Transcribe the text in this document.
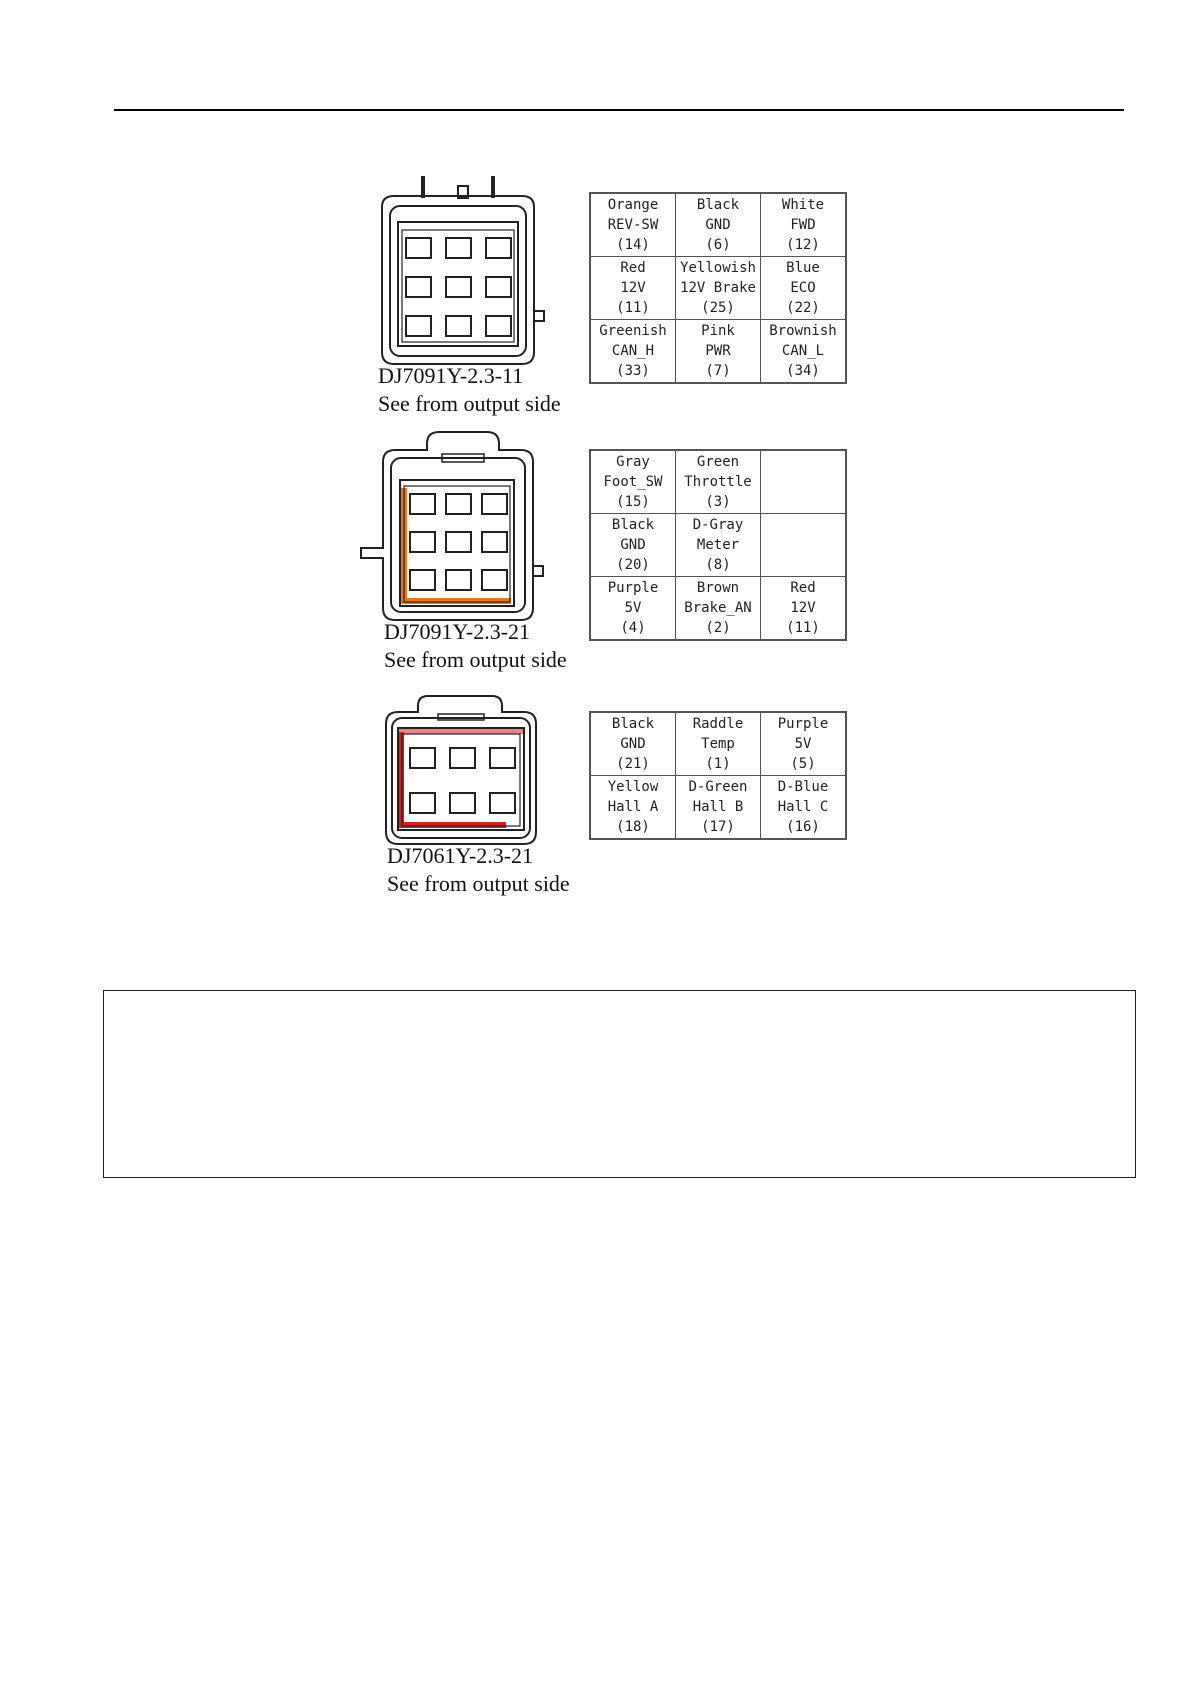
DJ7091Y-2.3-11
See from output side
Orange
REV-SW
(14)	Black
GND
(6)	White
FWD
(12)

Red
12V
(11)	Yellowish
12V Brake
(25)	Blue
ECO
(22)

Greenish
CAN_H
(33)	Pink
PWR
(7)	Brownish
CAN_L
(34)
DJ7091Y-2.3-21
See from output side
Gray
Foot_SW
(15)	Green
Throttle
(3)	

Black
GND
(20)	D-Gray
Meter
(8)	

Purple
5V
(4)	Brown
Brake_AN
(2)	Red
12V
(11)
DJ7061Y-2.3-21
See from output side
Black
GND
(21)	Raddle
Temp
(1)	Purple
5V
(5)

Yellow
Hall A
(18)	D-Green
Hall B
(17)	D-Blue
Hall C
(16)
